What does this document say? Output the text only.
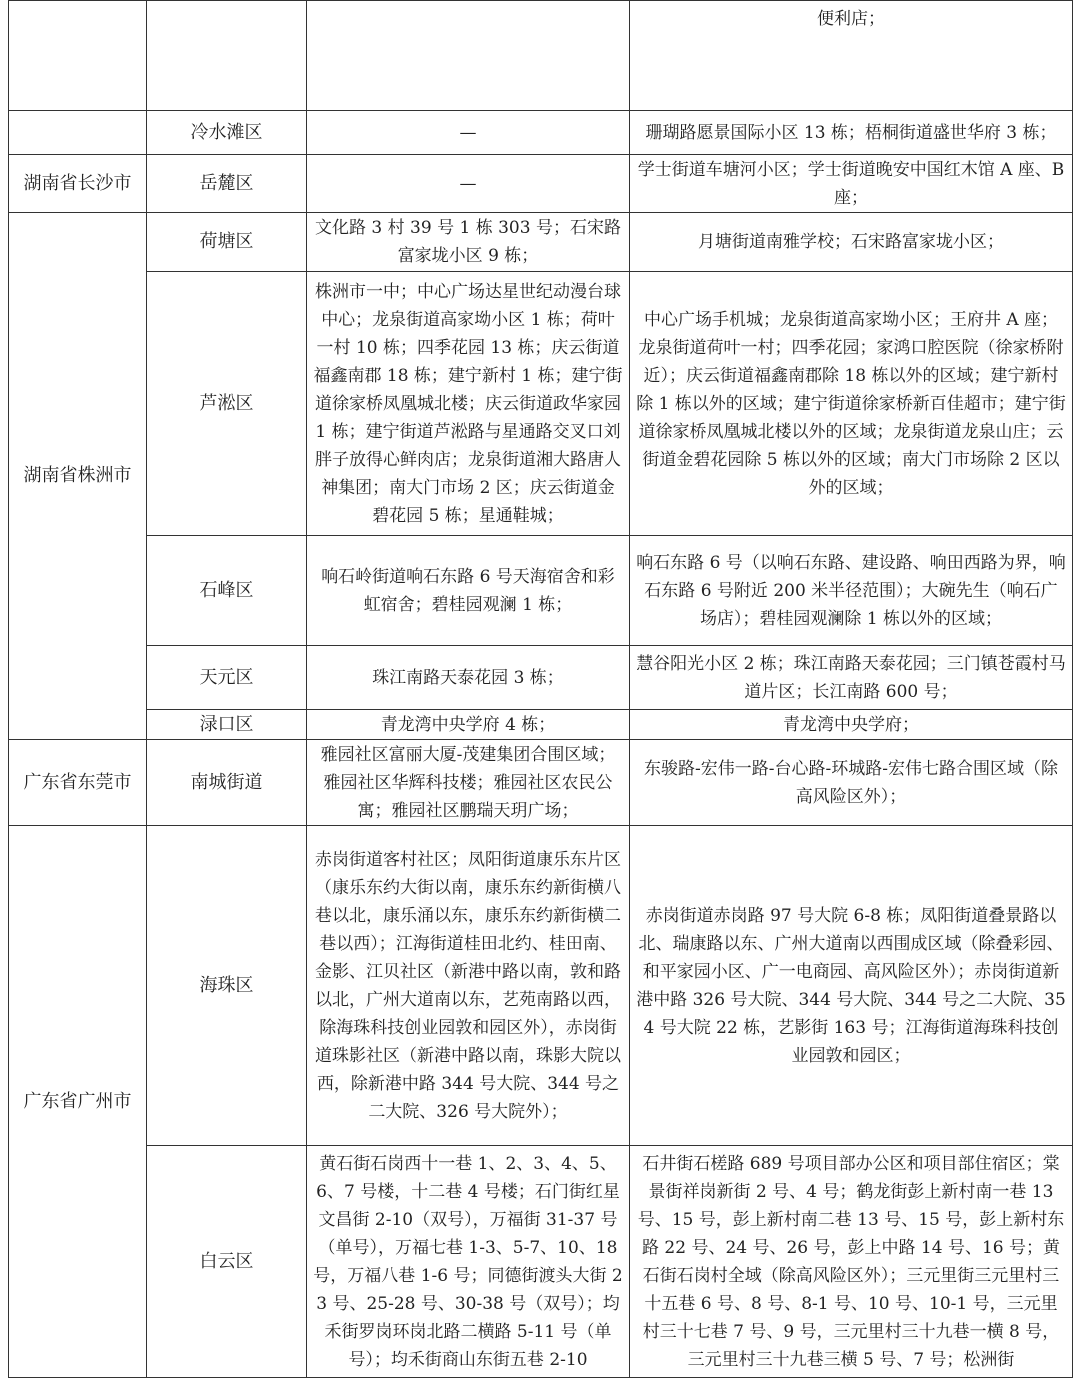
			便利店；
	冷水滩区	—	珊瑚路愿景国际小区 13 栋；梧桐街道盛世华府 3 栋；
湖南省长沙市	岳麓区	—	学士街道车塘河小区；学士街道晚安中国红木馆 A 座、B 座；
湖南省株洲市	荷塘区	文化路 3 村 39 号 1 栋 303 号；石宋路富家垅小区 9 栋；	月塘街道南雅学校；石宋路富家垅小区；
	芦淞区	株洲市一中；中心广场达星世纪动漫台球中心；龙泉街道高家坳小区 1 栋；荷叶一村 10 栋；四季花园 13 栋；庆云街道福鑫南郡 18 栋；建宁新村 1 栋；建宁街道徐家桥凤凰城北楼；庆云街道政华家园 1 栋；建宁街道芦淞路与星通路交叉口刘胖子放得心鲜肉店；龙泉街道湘大路唐人神集团；南大门市场 2 区；庆云街道金碧花园 5 栋；星通鞋城；	中心广场手机城；龙泉街道高家坳小区；王府井 A 座；龙泉街道荷叶一村；四季花园；家鸿口腔医院（徐家桥附近）；庆云街道福鑫南郡除 18 栋以外的区域；建宁新村除 1 栋以外的区域；建宁街道徐家桥新百佳超市；建宁街道徐家桥凤凰城北楼以外的区域；龙泉街道龙泉山庄；云街道金碧花园除 5 栋以外的区域；南大门市场除 2 区以外的区域；
	石峰区	响石岭街道响石东路 6 号天海宿舍和彩虹宿舍；碧桂园观澜 1 栋；	响石东路 6 号（以响石东路、建设路、响田西路为界，响石东路 6 号附近 200 米半径范围）；大碗先生（响石广场店）；碧桂园观澜除 1 栋以外的区域；
	天元区	珠江南路天泰花园 3 栋；	慧谷阳光小区 2 栋；珠江南路天泰花园；三门镇苍霞村马道片区；长江南路 600 号；
	渌口区	青龙湾中央学府 4 栋；	青龙湾中央学府；
广东省东莞市	南城街道	雅园社区富丽大厦-茂建集团合围区域；雅园社区华辉科技楼；雅园社区农民公寓；雅园社区鹏瑞天玥广场；	东骏路-宏伟一路-台心路-环城路-宏伟七路合围区域（除高风险区外）；
广东省广州市	海珠区	赤岗街道客村社区；凤阳街道康乐东片区（康乐东约大街以南，康乐东约新街横八巷以北，康乐涌以东，康乐东约新街横二巷以西）；江海街道桂田北约、桂田南、金影、江贝社区（新港中路以南，敦和路以北，广州大道南以东，艺苑南路以西，除海珠科技创业园敦和园区外），赤岗街道珠影社区（新港中路以南，珠影大院以西，除新港中路 344 号大院、344 号之二大院、326 号大院外）；	赤岗街道赤岗路 97 号大院 6-8 栋；凤阳街道叠景路以北、瑞康路以东、广州大道南以西围成区域（除叠彩园、和平家园小区、广一电商园、高风险区外）；赤岗街道新港中路 326 号大院、344 号大院、344 号之二大院、354 号大院 22 栋，艺影街 163 号；江海街道海珠科技创业园敦和园区；
	白云区	黄石街石岗西十一巷 1、2、3、4、5、6、7 号楼，十二巷 4 号楼；石门街红星文昌街 2-10（双号），万福街 31-37 号（单号），万福七巷 1-3、5-7、10、18 号，万福八巷 1-6 号；同德街渡头大街 23 号、25-28 号、30-38 号（双号）；均禾街罗岗环岗北路二横路 5-11 号（单号）；均禾街商山东街五巷 2-10	石井街石槎路 689 号项目部办公区和项目部住宿区；棠景街祥岗新街 2 号、4 号；鹤龙街彭上新村南一巷 13 号、15 号，彭上新村南二巷 13 号、15 号，彭上新村东路 22 号、24 号、26 号，彭上中路 14 号、16 号；黄石街石岗村全域（除高风险区外）；三元里街三元里村三十五巷 6 号、8 号、8-1 号、10 号、10-1 号，三元里村三十七巷 7 号、9 号，三元里村三十九巷一横 8 号，三元里村三十九巷三横 5 号、7 号；松洲街
